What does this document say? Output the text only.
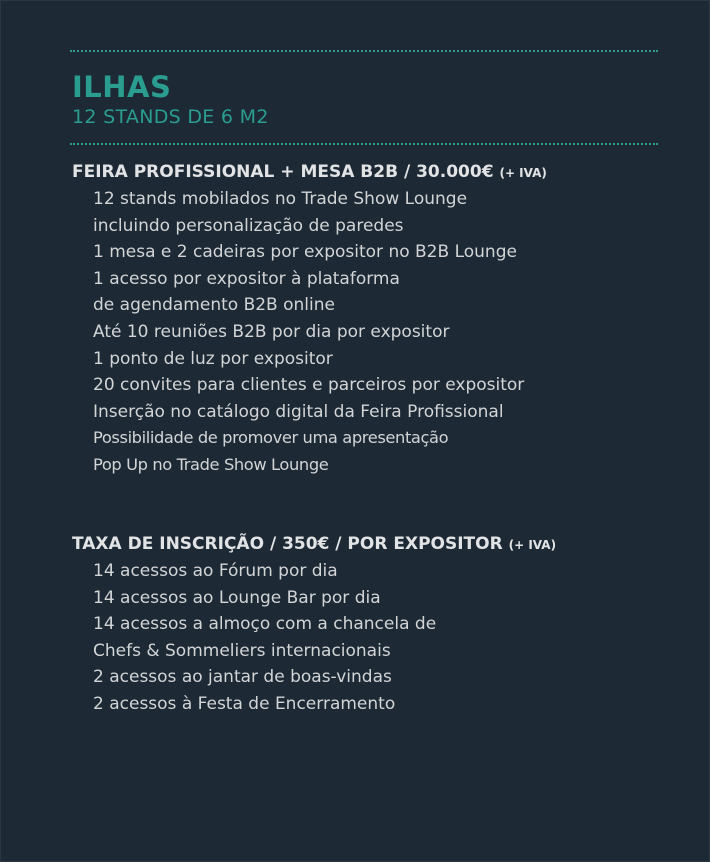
ILHAS
12 STANDS DE 6 M2
FEIRA PROFISSIONAL + MESA B2B / 30.000€ (+ IVA)
12 stands mobilados no Trade Show Lounge
incluindo personalização de paredes
1 mesa e 2 cadeiras por expositor no B2B Lounge
1 acesso por expositor à plataforma
de agendamento B2B online
Até 10 reuniões B2B por dia por expositor
1 ponto de luz por expositor
20 convites para clientes e parceiros por expositor
Inserção no catálogo digital da Feira Profissional
Possibilidade de promover uma apresentação
Pop Up no Trade Show Lounge
TAXA DE INSCRIÇÃO / 350€ / POR EXPOSITOR (+ IVA)
14 acessos ao Fórum por dia
14 acessos ao Lounge Bar por dia
14 acessos a almoço com a chancela de
Chefs & Sommeliers internacionais
2 acessos ao jantar de boas-vindas
2 acessos à Festa de Encerramento
